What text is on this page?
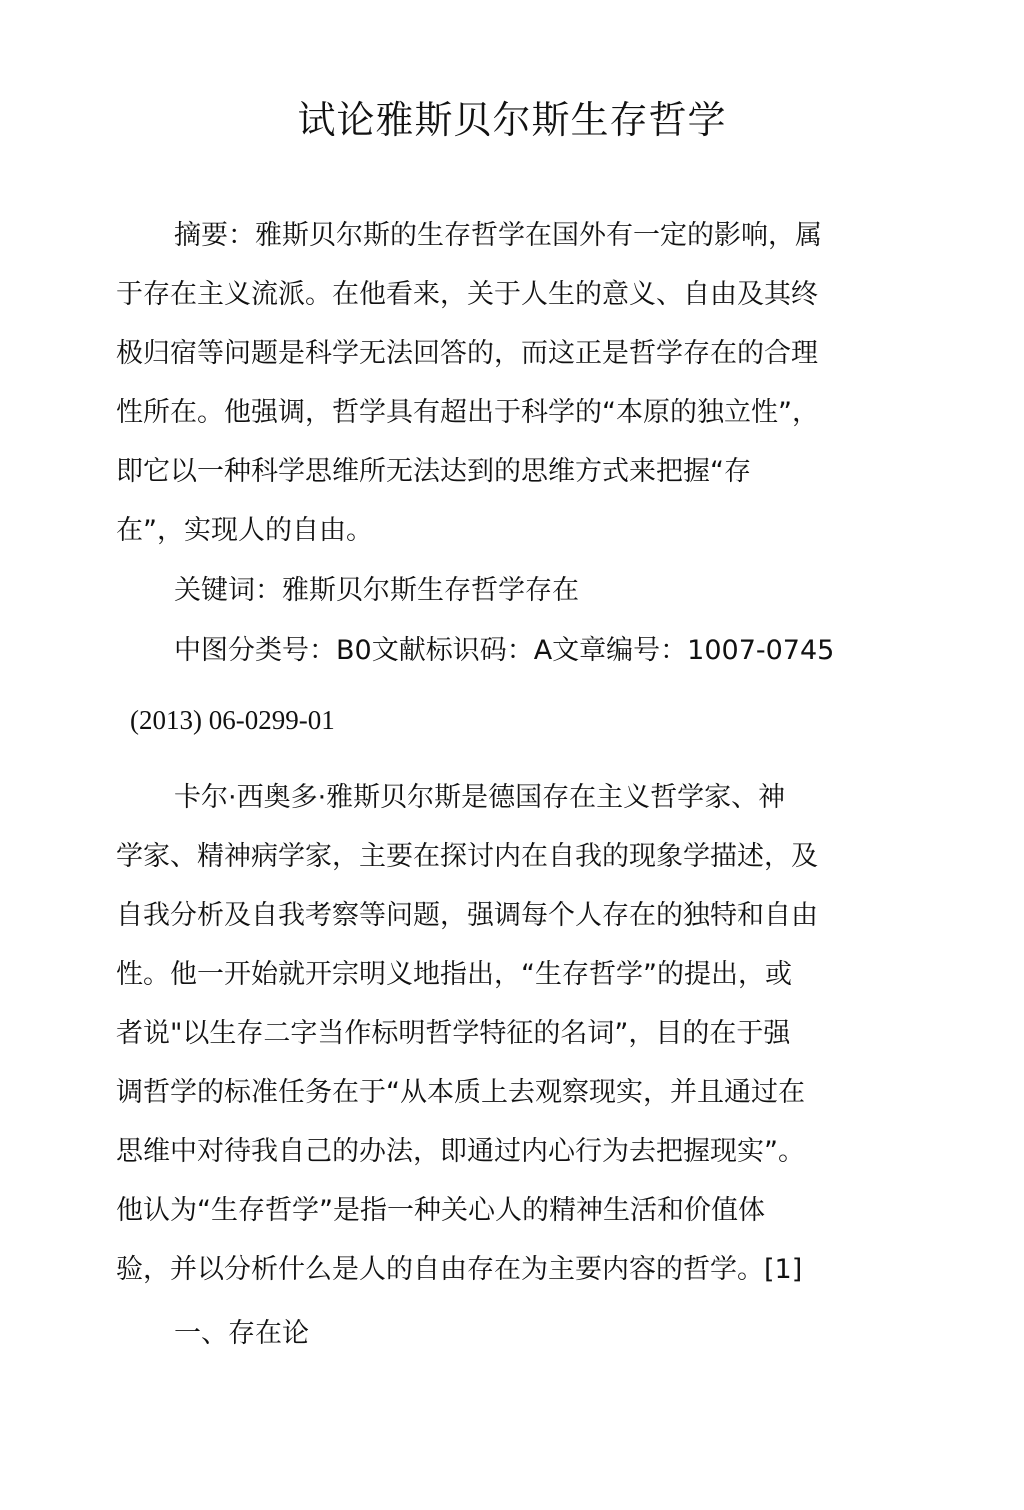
试论雅斯贝尔斯生存哲学

摘要：雅斯贝尔斯的生存哲学在国外有一定的影响，属

于存在主义流派。在他看来，关于人生的意义、自由及其终

极归宿等问题是科学无法回答的，而这正是哲学存在的合理

性所在。他强调，哲学具有超出于科学的“本原的独立性”，

即它以一种科学思维所无法达到的思维方式来把握“存

在”，实现人的自由。

关键词：雅斯贝尔斯生存哲学存在

中图分类号：B0文献标识码：A文章编号：1007-0745

(2013) 06-0299-01

卡尔·西奥多·雅斯贝尔斯是德国存在主义哲学家、神

学家、精神病学家，主要在探讨内在自我的现象学描述，及

自我分析及自我考察等问题，强调每个人存在的独特和自由

性。他一开始就开宗明义地指出，“生存哲学”的提出，或

者说"以生存二字当作标明哲学特征的名词”，目的在于强

调哲学的标准任务在于“从本质上去观察现实，并且通过在

思维中对待我自己的办法，即通过内心行为去把握现实”。

他认为“生存哲学”是指一种关心人的精神生活和价值体

验，并以分析什么是人的自由存在为主要内容的哲学。[1]

一、存在论
